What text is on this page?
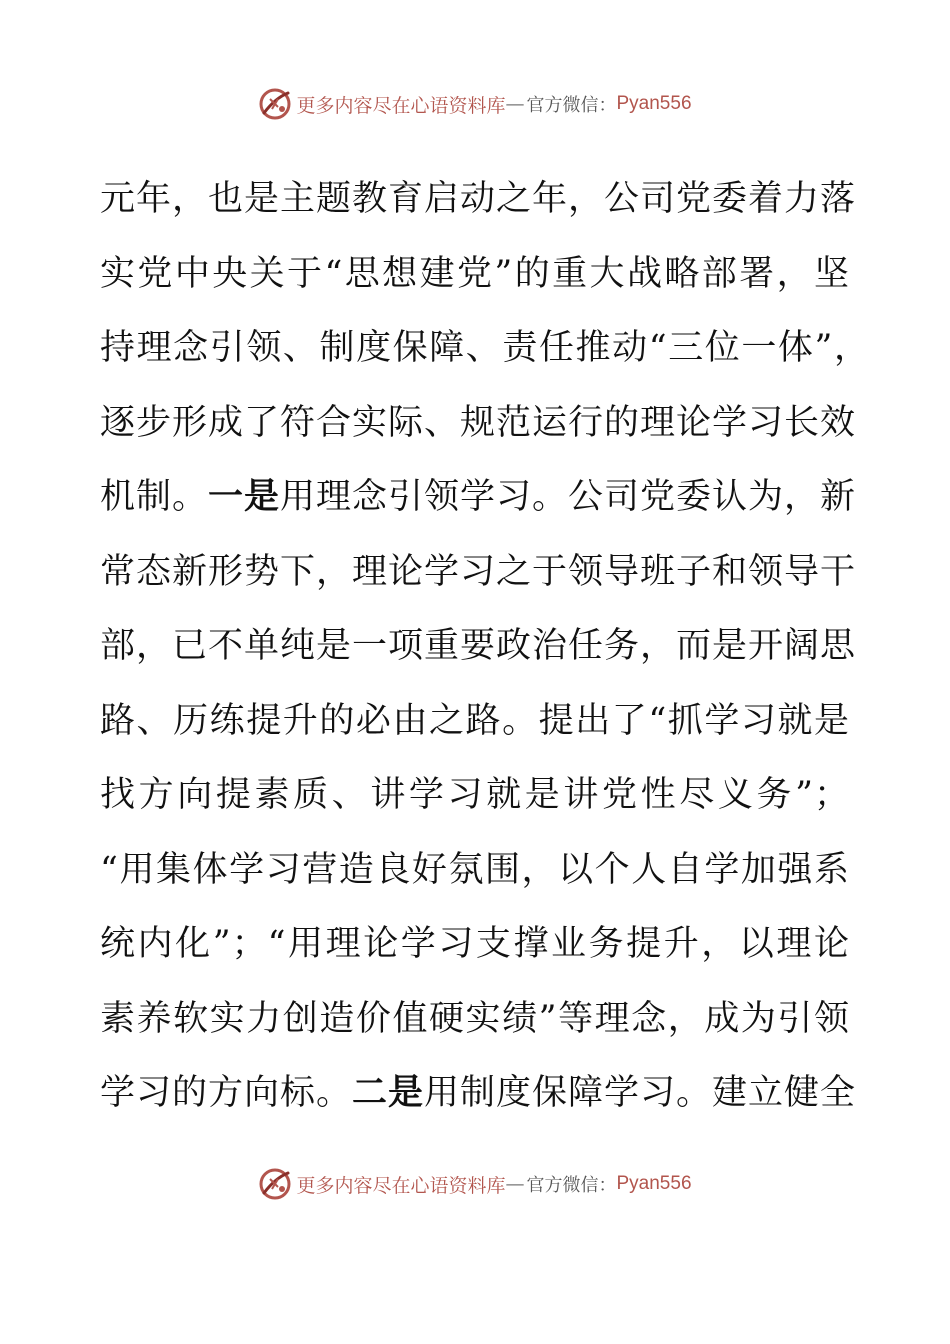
更多内容尽在心语资料库 — 官方微信： Pyan556
元年，也是主题教育启动之年，公司党委着力落
实党中央关于“思想建党”的重大战略部署，坚
持理念引领、制度保障、责任推动“三位一体”，
逐步形成了符合实际、规范运行的理论学习长效
机制。一是用理念引领学习。公司党委认为，新
常态新形势下，理论学习之于领导班子和领导干
部，已不单纯是一项重要政治任务，而是开阔思
路、历练提升的必由之路。提出了“抓学习就是
找方向提素质、讲学习就是讲党性尽义务”；
“用集体学习营造良好氛围，以个人自学加强系
统内化”；“用理论学习支撑业务提升，以理论
素养软实力创造价值硬实绩”等理念，成为引领
学习的方向标。二是用制度保障学习。建立健全
更多内容尽在心语资料库 — 官方微信： Pyan556
